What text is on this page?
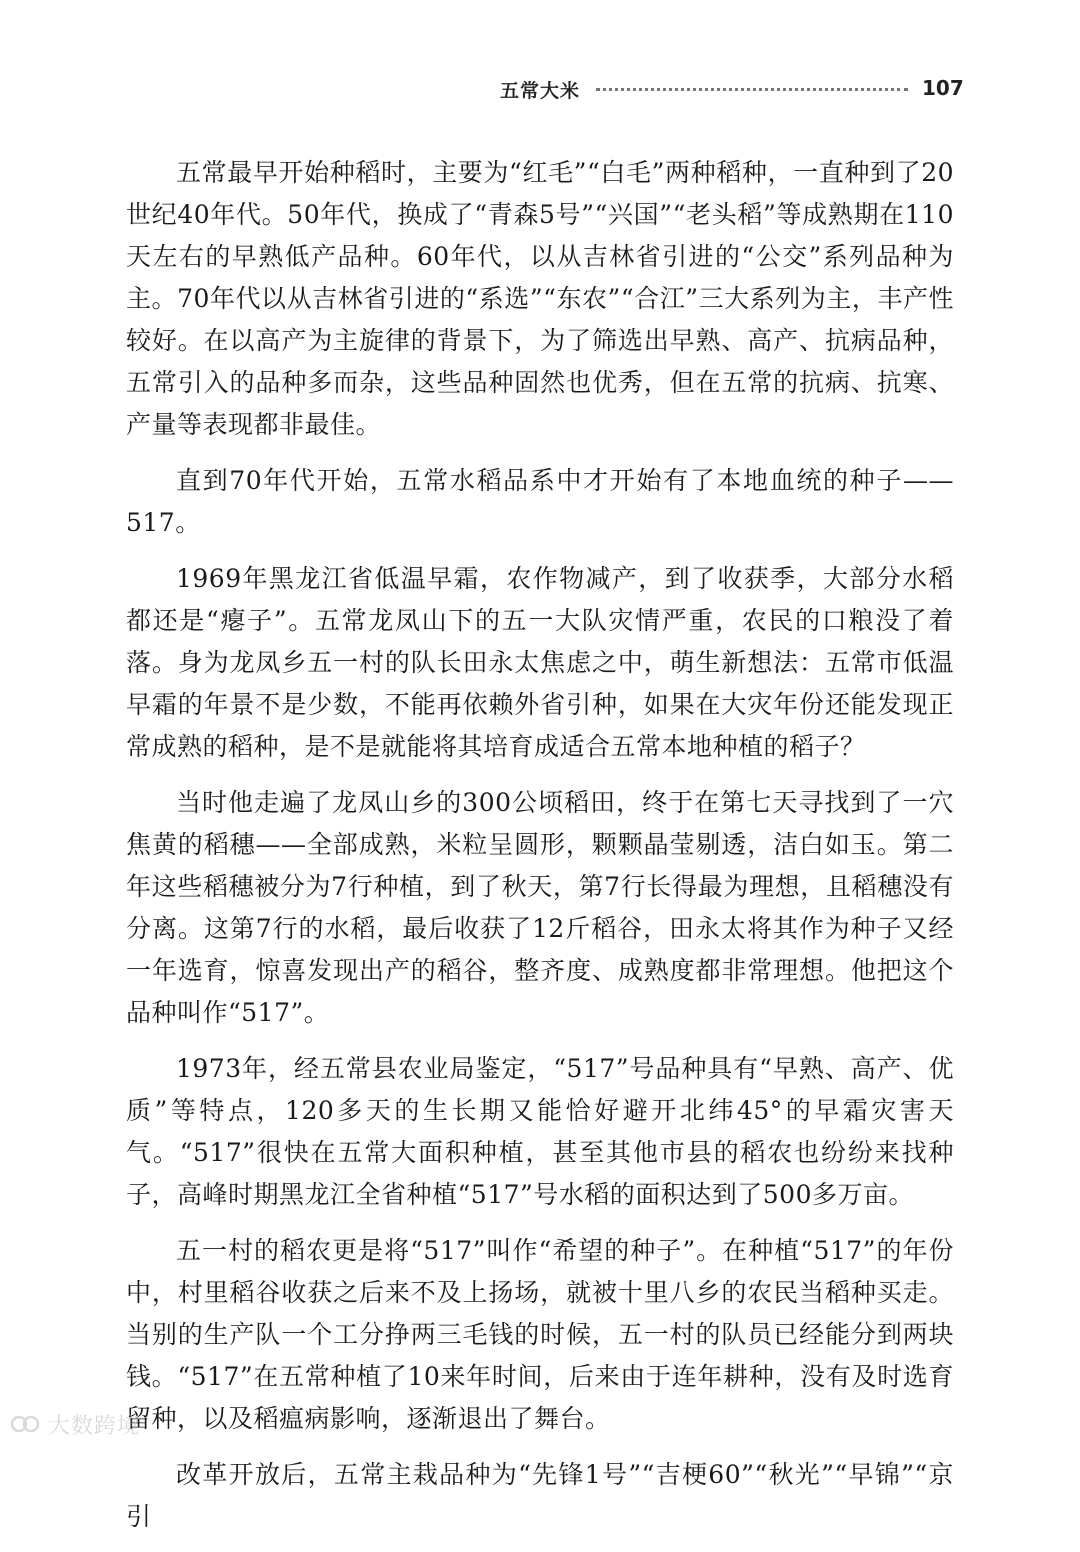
五常大米	107

五常最早开始种稻时，主要为“红毛”“白毛”两种稻种，一直种到了20世纪40年代。50年代，换成了“青森5号”“兴国”“老头稻”等成熟期在110天左右的早熟低产品种。60年代，以从吉林省引进的“公交”系列品种为主。70年代以从吉林省引进的“系选”“东农”“合江”三大系列为主，丰产性较好。在以高产为主旋律的背景下，为了筛选出早熟、高产、抗病品种，五常引入的品种多而杂，这些品种固然也优秀，但在五常的抗病、抗寒、产量等表现都非最佳。

直到70年代开始，五常水稻品系中才开始有了本地血统的种子——517。

1969年黑龙江省低温早霜，农作物减产，到了收获季，大部分水稻都还是“瘪子”。五常龙凤山下的五一大队灾情严重，农民的口粮没了着落。身为龙凤乡五一村的队长田永太焦虑之中，萌生新想法：五常市低温早霜的年景不是少数，不能再依赖外省引种，如果在大灾年份还能发现正常成熟的稻种，是不是就能将其培育成适合五常本地种植的稻子？

当时他走遍了龙凤山乡的300公顷稻田，终于在第七天寻找到了一穴焦黄的稻穗——全部成熟，米粒呈圆形，颗颗晶莹剔透，洁白如玉。第二年这些稻穗被分为7行种植，到了秋天，第7行长得最为理想，且稻穗没有分离。这第7行的水稻，最后收获了12斤稻谷，田永太将其作为种子又经一年选育，惊喜发现出产的稻谷，整齐度、成熟度都非常理想。他把这个品种叫作“517”。

1973年，经五常县农业局鉴定，“517”号品种具有“早熟、高产、优质”等特点，120多天的生长期又能恰好避开北纬45°的早霜灾害天气。“517”很快在五常大面积种植，甚至其他市县的稻农也纷纷来找种子，高峰时期黑龙江全省种植“517”号水稻的面积达到了500多万亩。

五一村的稻农更是将“517”叫作“希望的种子”。在种植“517”的年份中，村里稻谷收获之后来不及上扬场，就被十里八乡的农民当稻种买走。当别的生产队一个工分挣两三毛钱的时候，五一村的队员已经能分到两块钱。“517”在五常种植了10来年时间，后来由于连年耕种，没有及时选育留种，以及稻瘟病影响，逐渐退出了舞台。

改革开放后，五常主栽品种为“先锋1号”“吉梗60”“秋光”“早锦”“京引

大数跨境
